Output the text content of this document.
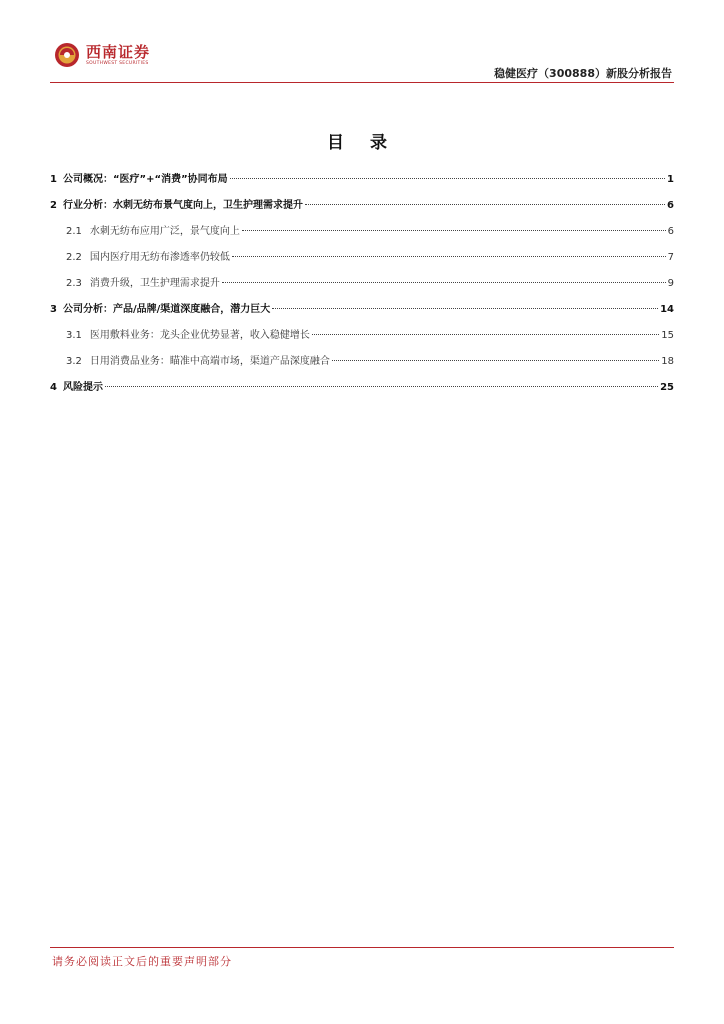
西南证券
SOUTHWEST SECURITIES
稳健医疗（300888）新股分析报告
目 录
1 公司概况：“医疗”+“消费”协同布局	1
2 行业分析：水刺无纺布景气度向上，卫生护理需求提升	6
2.1 水刺无纺布应用广泛，景气度向上	6
2.2 国内医疗用无纺布渗透率仍较低	7
2.3 消费升级，卫生护理需求提升	9
3 公司分析：产品/品牌/渠道深度融合，潜力巨大	14
3.1 医用敷料业务：龙头企业优势显著，收入稳健增长	15
3.2 日用消费品业务：瞄准中高端市场，渠道产品深度融合	18
4 风险提示	25
请务必阅读正文后的重要声明部分
